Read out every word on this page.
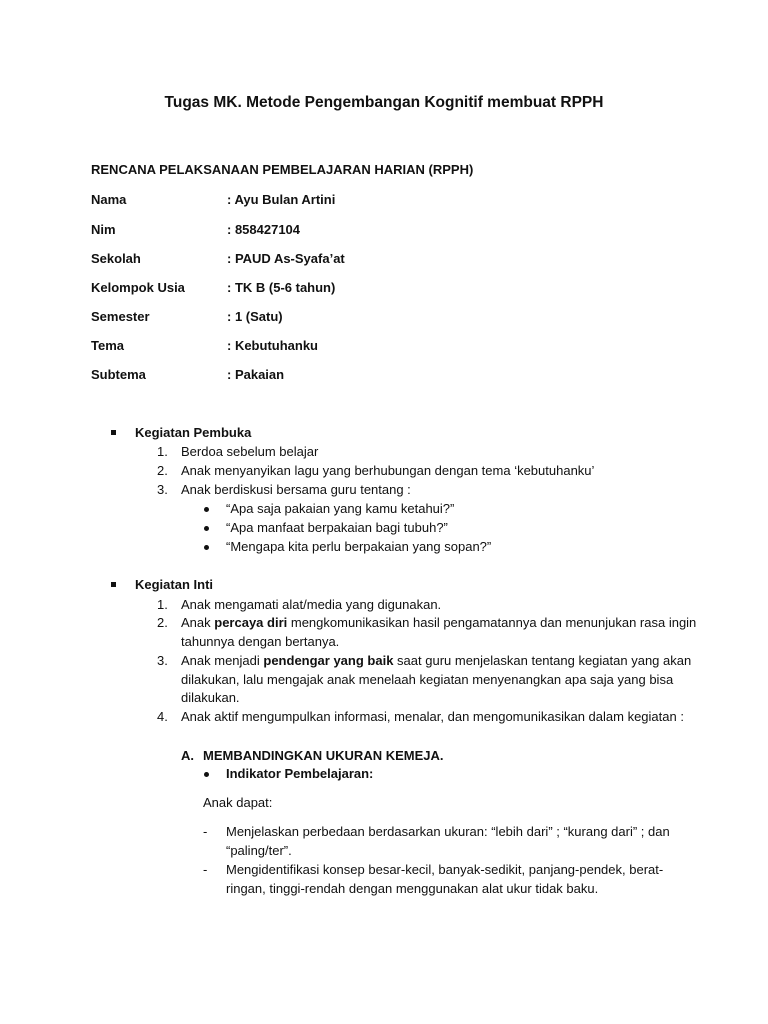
Tugas MK. Metode Pengembangan Kognitif membuat RPPH
RENCANA PELAKSANAAN PEMBELAJARAN HARIAN (RPPH)
Nama	: Ayu Bulan Artini
Nim	: 858427104
Sekolah	: PAUD As-Syafa’at
Kelompok Usia	: TK B (5-6 tahun)
Semester	: 1 (Satu)
Tema	: Kebutuhanku
Subtema	: Pakaian
Kegiatan Pembuka
1. Berdoa sebelum belajar
2. Anak menyanyikan lagu yang berhubungan dengan tema ‘kebutuhanku’
3. Anak berdiskusi bersama guru tentang :
“Apa saja pakaian yang kamu ketahui?”
“Apa manfaat berpakaian bagi tubuh?”
“Mengapa kita perlu berpakaian yang sopan?”
Kegiatan Inti
1. Anak mengamati alat/media yang digunakan.
2. Anak percaya diri mengkomunikasikan hasil pengamatannya dan menunjukan rasa ingin
tahunnya dengan bertanya.
3. Anak menjadi pendengar yang baik saat guru menjelaskan tentang kegiatan yang akan
dilakukan, lalu mengajak anak menelaah kegiatan menyenangkan apa saja yang bisa
dilakukan.
4. Anak aktif mengumpulkan informasi, menalar, dan mengomunikasikan dalam kegiatan :
A. MEMBANDINGKAN UKURAN KEMEJA.
Indikator Pembelajaran:
Anak dapat:
- Menjelaskan perbedaan berdasarkan ukuran: “lebih dari” ; “kurang dari” ; dan
“paling/ter”.
- Mengidentifikasi konsep besar-kecil, banyak-sedikit, panjang-pendek, berat-
ringan, tinggi-rendah dengan menggunakan alat ukur tidak baku.
